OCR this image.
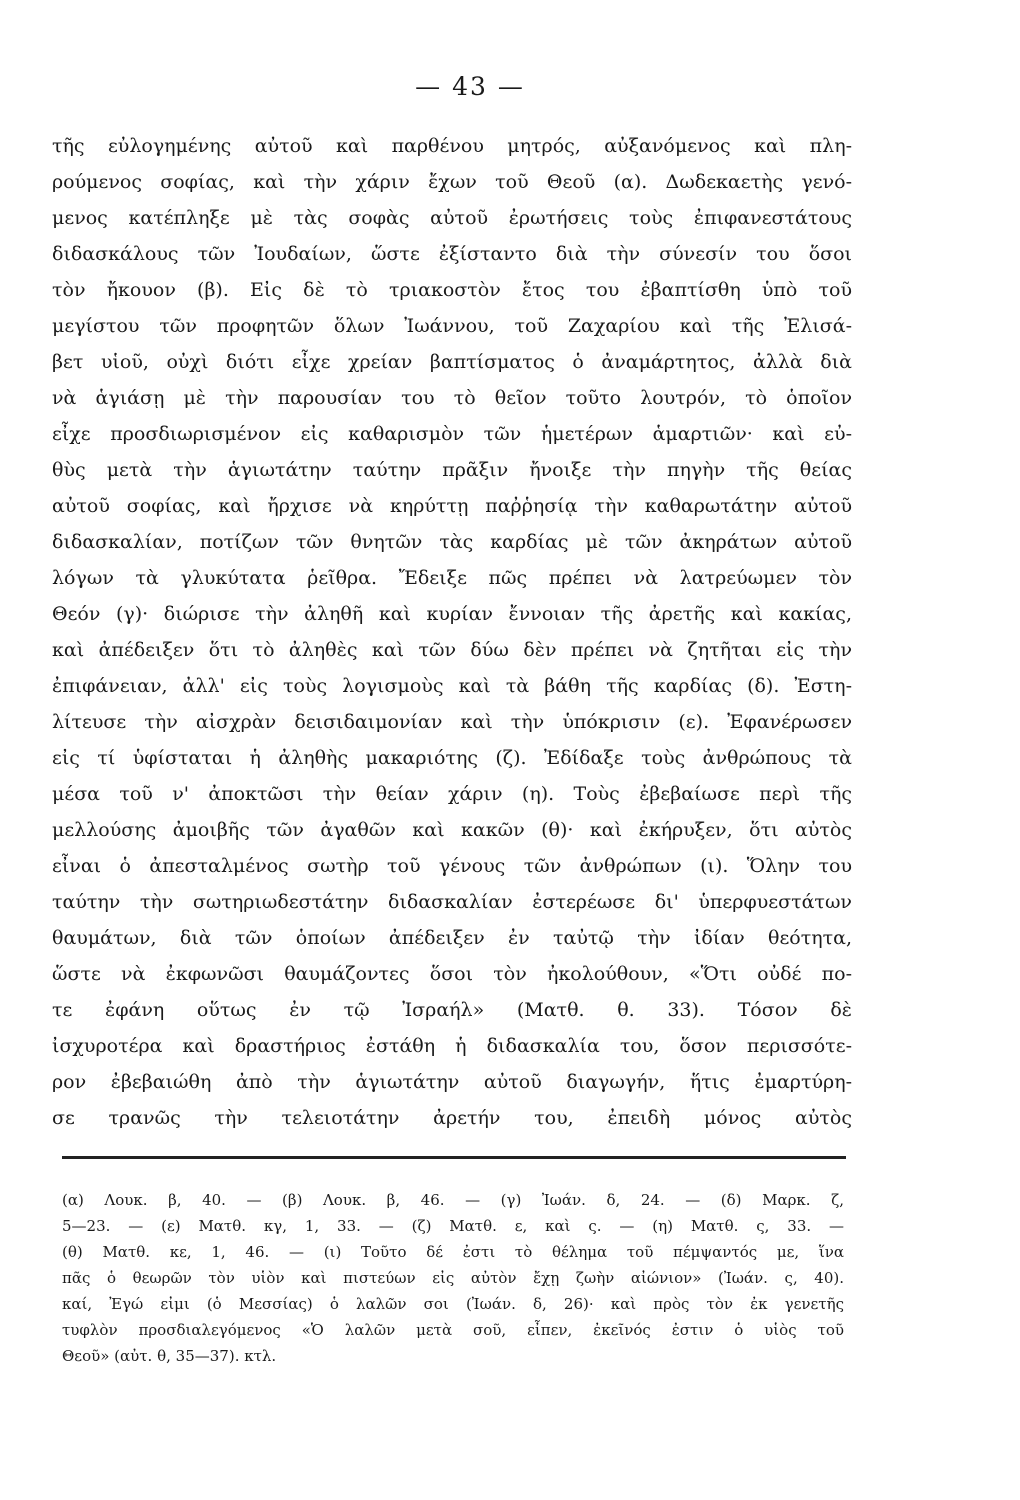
— 43 —
τῆς εὐλογημένης αὐτοῦ καὶ παρθένου μητρός, αὐξανόμενος καὶ πλη-
ρούμενος σοφίας, καὶ τὴν χάριν ἔχων τοῦ Θεοῦ (α). Δωδεκαετὴς γενό-
μενος κατέπληξε μὲ τὰς σοφὰς αὐτοῦ ἐρωτήσεις τοὺς ἐπιφανεστάτους
διδασκάλους τῶν Ἰουδαίων, ὥστε ἐξίσταντο διὰ τὴν σύνεσίν του ὅσοι
τὸν ἤκουον (β). Εἰς δὲ τὸ τριακοστὸν ἔτος του ἐβαπτίσθη ὑπὸ τοῦ
μεγίστου τῶν προφητῶν ὅλων Ἰωάννου, τοῦ Ζαχαρίου καὶ τῆς Ἐλισά-
βετ υἱοῦ, οὐχὶ διότι εἶχε χρείαν βαπτίσματος ὁ ἀναμάρτητος, ἀλλὰ διὰ
νὰ ἁγιάσῃ μὲ τὴν παρουσίαν του τὸ θεῖον τοῦτο λουτρόν, τὸ ὁποῖον
εἶχε προσδιωρισμένον εἰς καθαρισμὸν τῶν ἡμετέρων ἁμαρτιῶν· καὶ εὐ-
θὺς μετὰ τὴν ἁγιωτάτην ταύτην πρᾶξιν ἤνοιξε τὴν πηγὴν τῆς θείας
αὐτοῦ σοφίας, καὶ ἤρχισε νὰ κηρύττῃ παῤῥησίᾳ τὴν καθαρωτάτην αὐτοῦ
διδασκαλίαν, ποτίζων τῶν θνητῶν τὰς καρδίας μὲ τῶν ἀκηράτων αὐτοῦ
λόγων τὰ γλυκύτατα ῥεῖθρα. Ἔδειξε πῶς πρέπει νὰ λατρεύωμεν τὸν
Θεόν (γ)· διώρισε τὴν ἀληθῆ καὶ κυρίαν ἔννοιαν τῆς ἀρετῆς καὶ κακίας,
καὶ ἀπέδειξεν ὅτι τὸ ἀληθὲς καὶ τῶν δύω δὲν πρέπει νὰ ζητῆται εἰς τὴν
ἐπιφάνειαν, ἀλλ' εἰς τοὺς λογισμοὺς καὶ τὰ βάθη τῆς καρδίας (δ). Ἐστη-
λίτευσε τὴν αἰσχρὰν δεισιδαιμονίαν καὶ τὴν ὑπόκρισιν (ε). Ἐφανέρωσεν
εἰς τί ὑφίσταται ἡ ἀληθὴς μακαριότης (ζ). Ἐδίδαξε τοὺς ἀνθρώπους τὰ
μέσα τοῦ ν' ἀποκτῶσι τὴν θείαν χάριν (η). Τοὺς ἐβεβαίωσε περὶ τῆς
μελλούσης ἀμοιβῆς τῶν ἀγαθῶν καὶ κακῶν (θ)· καὶ ἐκήρυξεν, ὅτι αὐτὸς
εἶναι ὁ ἀπεσταλμένος σωτὴρ τοῦ γένους τῶν ἀνθρώπων (ι). Ὅλην του
ταύτην τὴν σωτηριωδεστάτην διδασκαλίαν ἐστερέωσε δι' ὑπερφυεστάτων
θαυμάτων, διὰ τῶν ὁποίων ἀπέδειξεν ἐν ταὐτῷ τὴν ἰδίαν θεότητα,
ὥστε νὰ ἐκφωνῶσι θαυμάζοντες ὅσοι τὸν ἠκολούθουν, «Ὅτι οὐδέ πο-
τε ἐφάνη οὕτως ἐν τῷ Ἰσραήλ» (Ματθ. θ. 33). Τόσον δὲ
ἰσχυροτέρα καὶ δραστήριος ἐστάθη ἡ διδασκαλία του, ὅσον περισσότε-
ρον ἐβεβαιώθη ἀπὸ τὴν ἁγιωτάτην αὐτοῦ διαγωγήν, ἥτις ἐμαρτύρη-
σε τρανῶς τὴν τελειοτάτην ἀρετήν του, ἐπειδὴ μόνος αὐτὸς
(α) Λουκ. β, 40. — (β) Λουκ. β, 46. — (γ) Ἰωάν. δ, 24. — (δ) Μαρκ. ζ,
5—23. — (ε) Ματθ. κγ, 1, 33. — (ζ) Ματθ. ε, καὶ ς. — (η) Ματθ. ς, 33. —
(θ) Ματθ. κε, 1, 46. — (ι) Τοῦτο δέ ἐστι τὸ θέλημα τοῦ πέμψαντός με, ἵνα
πᾶς ὁ θεωρῶν τὸν υἱὸν καὶ πιστεύων εἰς αὐτὸν ἔχῃ ζωὴν αἰώνιον» (Ἰωάν. ς, 40).
καί, Ἐγώ εἰμι (ὁ Μεσσίας) ὁ λαλῶν σοι (Ἰωάν. δ, 26)· καὶ πρὸς τὸν ἐκ γενετῆς
τυφλὸν προσδιαλεγόμενος «Ὁ λαλῶν μετὰ σοῦ, εἶπεν, ἐκεῖνός ἐστιν ὁ υἱὸς τοῦ
Θεοῦ» (αὐτ. θ, 35—37). κτλ.
